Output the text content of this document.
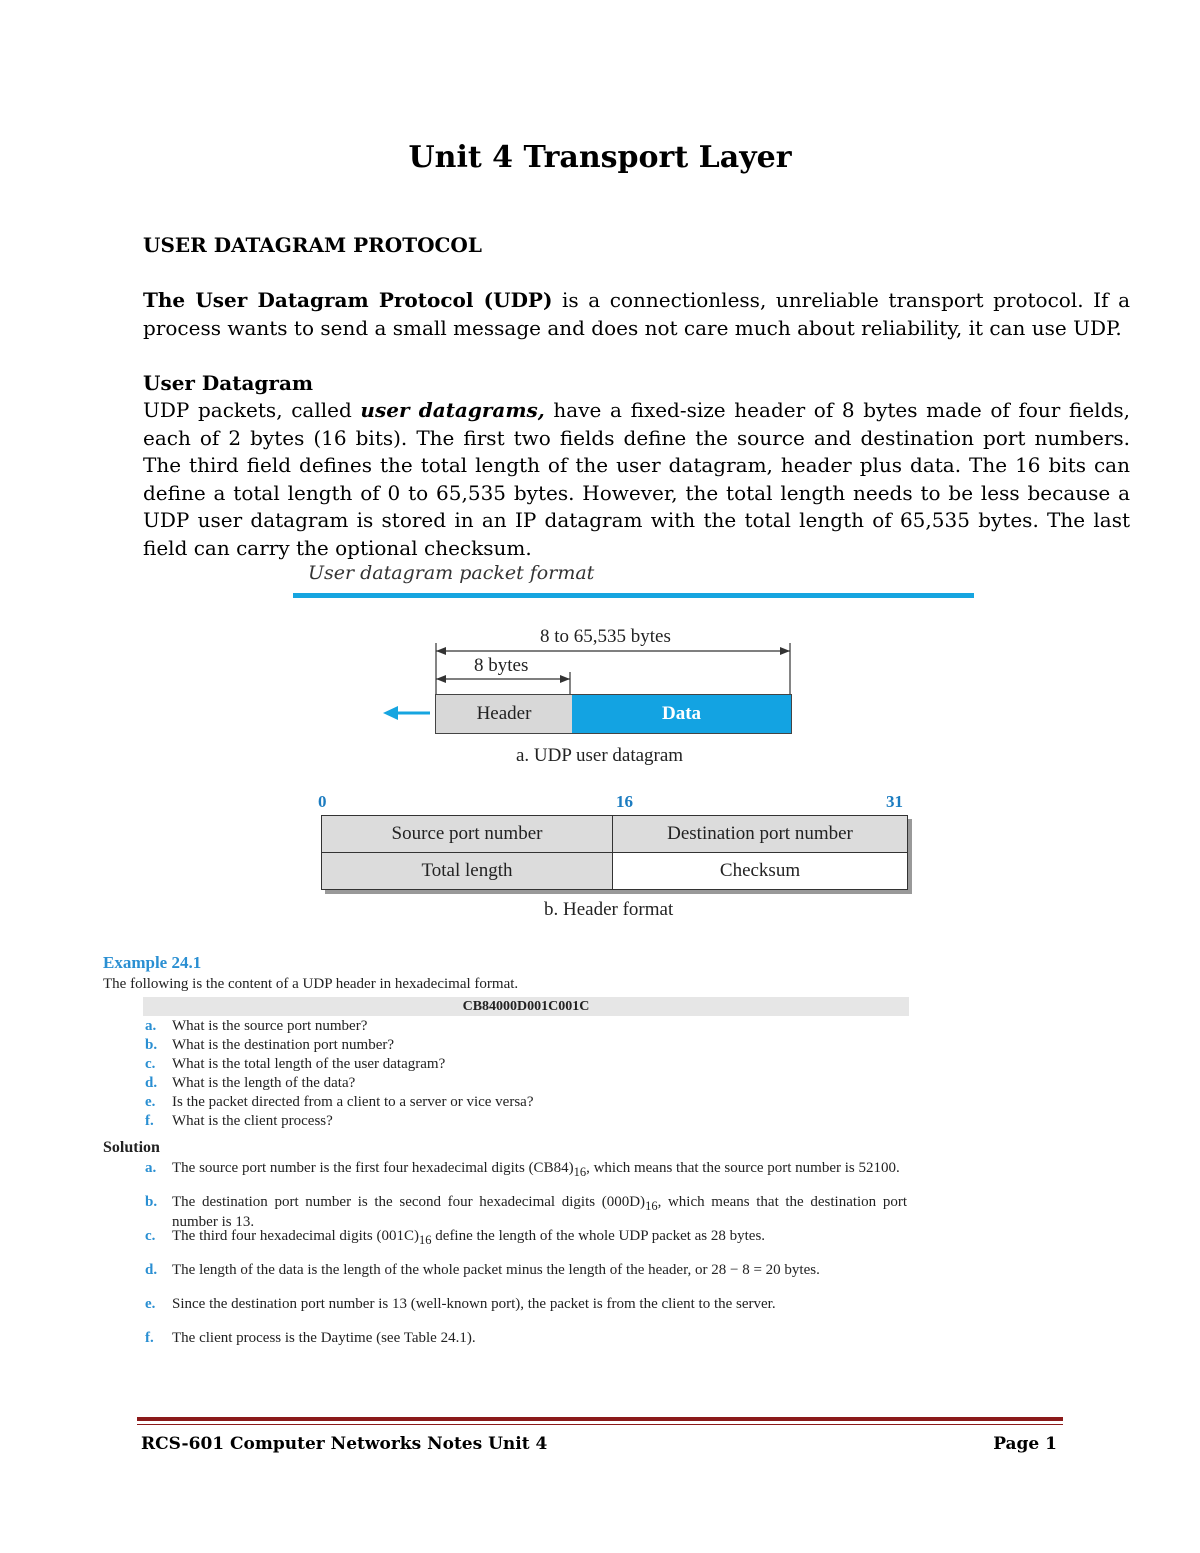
Unit 4 Transport Layer
USER DATAGRAM PROTOCOL
The User Datagram Protocol (UDP) is a connectionless, unreliable transport protocol. If a process wants to send a small message and does not care much about reliability, it can use UDP.
User Datagram
UDP packets, called user datagrams, have a fixed-size header of 8 bytes made of four fields, each of 2 bytes (16 bits). The first two fields define the source and destination port numbers. The third field defines the total length of the user datagram, header plus data. The 16 bits can define a total length of 0 to 65,535 bytes. However, the total length needs to be less because a UDP user datagram is stored in an IP datagram with the total length of 65,535 bytes. The last field can carry the optional checksum.
User datagram packet format
8 to 65,535 bytes
8 bytes
Header	Data
a. UDP user datagram
0	16	31
Source port number	Destination port number
Total length	Checksum
b. Header format
Example 24.1
The following is the content of a UDP header in hexadecimal format.
CB84000D001C001C
a. What is the source port number?
b. What is the destination port number?
c. What is the total length of the user datagram?
d. What is the length of the data?
e. Is the packet directed from a client to a server or vice versa?
f. What is the client process?
Solution
a.	The source port number is the first four hexadecimal digits $(CB84)_{16}$, which means that the source port number is 52100.
b. The destination port number is the second four hexadecimal digits $(000D)_{16}$, which means that the destination port number is 13.
c.	The third four hexadecimal digits $(001C)_{16}$ define the length of the whole UDP packet as 28 bytes.
d. The length of the data is the length of the whole packet minus the length of the header, or 28 − 8 = 20 bytes.
e.	Since the destination port number is 13 (well-known port), the packet is from the client to the server.
f.	The client process is the Daytime (see Table 24.1).
RCS-601 Computer Networks Notes Unit 4	Page 1
